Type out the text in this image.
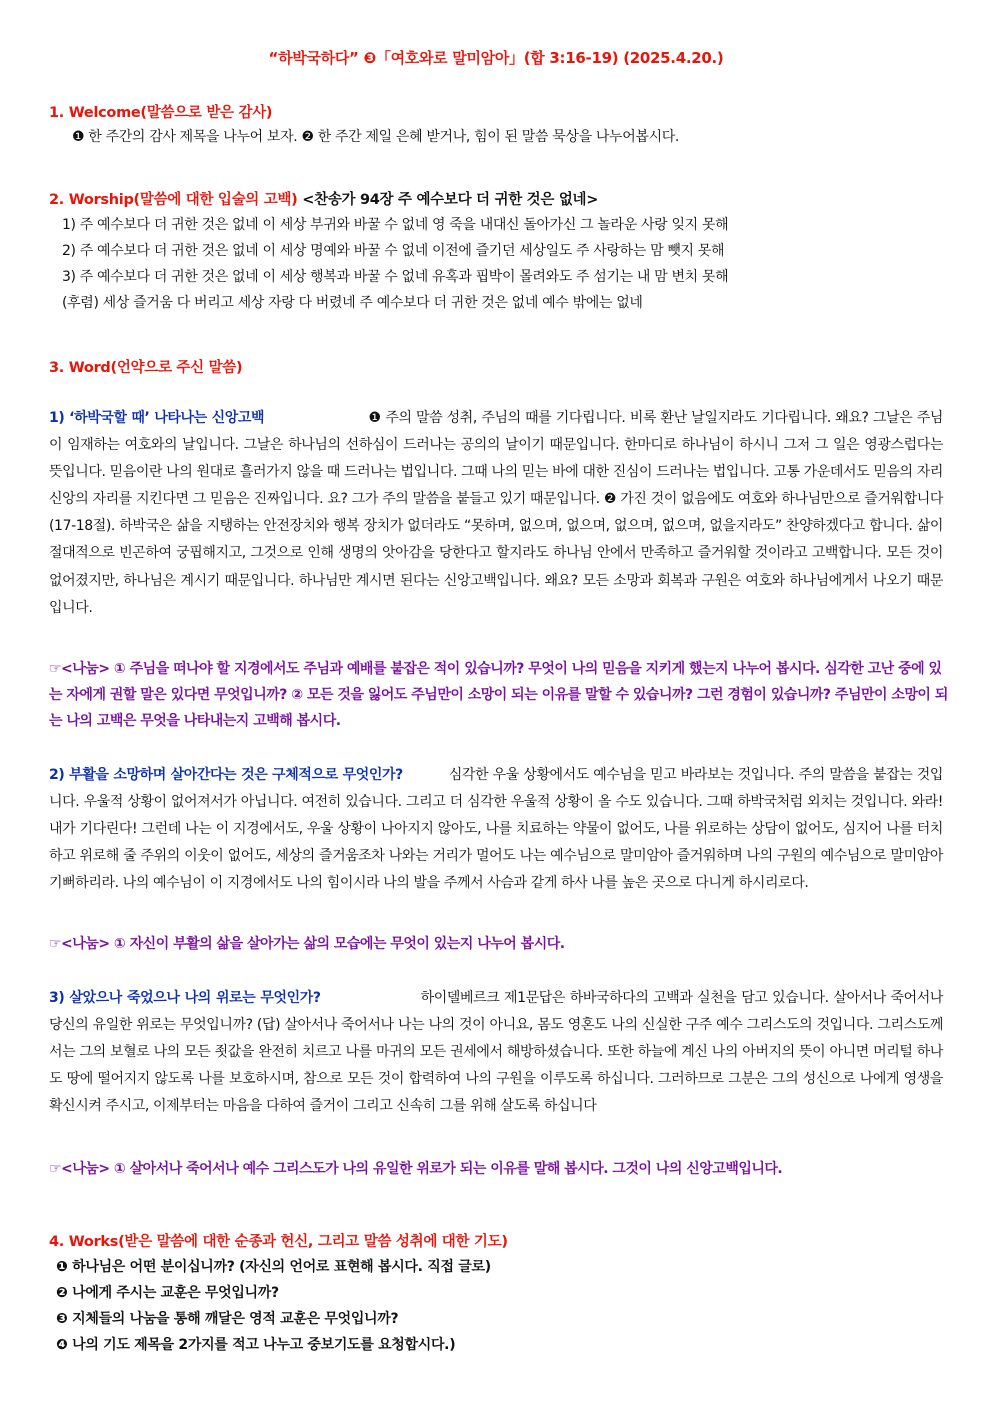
“하박국하다” ❸「여호와로 말미암아」(합 3:16-19) (2025.4.20.)
1. Welcome(말씀으로 받은 감사)
❶ 한 주간의 감사 제목을 나누어 보자. ❷ 한 주간 제일 은혜 받거나, 힘이 된 말씀 묵상을 나누어봅시다.
2. Worship(말씀에 대한 입술의 고백) <찬송가 94장 주 예수보다 더 귀한 것은 없네>
1) 주 예수보다 더 귀한 것은 없네 이 세상 부귀와 바꿀 수 없네 영 죽을 내대신 돌아가신 그 놀라운 사랑 잊지 못해
2) 주 예수보다 더 귀한 것은 없네 이 세상 명예와 바꿀 수 없네 이전에 즐기던 세상일도 주 사랑하는 맘 뺏지 못해
3) 주 예수보다 더 귀한 것은 없네 이 세상 행복과 바꿀 수 없네 유혹과 핍박이 몰려와도 주 섬기는 내 맘 변치 못해
(후렴) 세상 즐거움 다 버리고 세상 자랑 다 버렸네 주 예수보다 더 귀한 것은 없네 예수 밖에는 없네
3. Word(언약으로 주신 말씀)

1) ‘하박국할 때’ 나타나는 신앙고백	❶ 주의 말씀 성취, 주님의 때를 기다립니다. 비록 환난 날일지라도 기다립니다. 왜요? 그날은 주님이 임재하는 여호와의 날입니다. 그날은 하나님의 선하심이 드러나는 공의의 날이기 때문입니다. 한마디로 하나님이 하시니 그저 그 일은 영광스럽다는 뜻입니다. 믿음이란 나의 원대로 흘러가지 않을 때 드러나는 법입니다. 그때 나의 믿는 바에 대한 진심이 드러나는 법입니다. 고통 가운데서도 믿음의 자리 신앙의 자리를 지킨다면 그 믿음은 진짜입니다. 요? 그가 주의 말씀을 붙들고 있기 때문입니다. ❷ 가진 것이 없음에도 여호와 하나님만으로 즐거워합니다(17-18절). 하박국은 삶을 지탱하는 안전장치와 행복 장치가 없더라도 “못하며, 없으며, 없으며, 없으며, 없으며, 없을지라도” 찬양하겠다고 합니다. 삶이 절대적으로 빈곤하여 궁핍해지고, 그것으로 인해 생명의 앗아감을 당한다고 할지라도 하나님 안에서 만족하고 즐거워할 것이라고 고백합니다. 모든 것이 없어졌지만, 하나님은 계시기 때문입니다. 하나님만 계시면 된다는 신앙고백입니다. 왜요? 모든 소망과 회복과 구원은 여호와 하나님에게서 나오기 때문입니다.

☞<나눔> ① 주님을 떠나야 할 지경에서도 주님과 예배를 붙잡은 적이 있습니까? 무엇이 나의 믿음을 지키게 했는지 나누어 봅시다. 심각한 고난 중에 있는 자에게 권할 말은 있다면 무엇입니까? ② 모든 것을 잃어도 주님만이 소망이 되는 이유를 말할 수 있습니까? 그런 경험이 있습니까? 주님만이 소망이 되는 나의 고백은 무엇을 나타내는지 고백해 봅시다.

2) 부활을 소망하며 살아간다는 것은 구체적으로 무엇인가?	심각한 우울 상황에서도 예수님을 믿고 바라보는 것입니다. 주의 말씀을 붙잡는 것입니다. 우울적 상황이 없어져서가 아닙니다. 여전히 있습니다. 그리고 더 심각한 우울적 상황이 올 수도 있습니다. 그때 하박국처럼 외치는 것입니다. 와라! 내가 기다린다! 그런데 나는 이 지경에서도, 우울 상황이 나아지지 않아도, 나를 치료하는 약물이 없어도, 나를 위로하는 상담이 없어도, 심지어 나를 터치하고 위로해 줄 주위의 이웃이 없어도, 세상의 즐거움조차 나와는 거리가 멀어도 나는 예수님으로 말미암아 즐거워하며 나의 구원의 예수님으로 말미암아 기뻐하리라. 나의 예수님이 이 지경에서도 나의 힘이시라 나의 발을 주께서 사슴과 같게 하사 나를 높은 곳으로 다니게 하시리로다.

☞<나눔> ① 자신이 부활의 삶을 살아가는 삶의 모습에는 무엇이 있는지 나누어 봅시다.

3) 살았으나 죽었으나 나의 위로는 무엇인가?	하이델베르크 제1문답은 하바국하다의 고백과 실천을 담고 있습니다. 살아서나 죽어서나 당신의 유일한 위로는 무엇입니까? (답) 살아서나 죽어서나 나는 나의 것이 아니요, 몸도 영혼도 나의 신실한 구주 예수 그리스도의 것입니다. 그리스도께서는 그의 보혈로 나의 모든 죗값을 완전히 치르고 나를 마귀의 모든 권세에서 해방하셨습니다. 또한 하늘에 계신 나의 아버지의 뜻이 아니면 머리털 하나도 땅에 떨어지지 않도록 나를 보호하시며, 참으로 모든 것이 합력하여 나의 구원을 이루도록 하십니다. 그러하므로 그분은 그의 성신으로 나에게 영생을 확신시켜 주시고, 이제부터는 마음을 다하여 즐거이 그리고 신속히 그를 위해 살도록 하십니다

☞<나눔> ① 살아서나 죽어서나 예수 그리스도가 나의 유일한 위로가 되는 이유를 말해 봅시다. 그것이 나의 신앙고백입니다.

4. Works(받은 말씀에 대한 순종과 헌신, 그리고 말씀 성취에 대한 기도)
❶ 하나님은 어떤 분이십니까? (자신의 언어로 표현해 봅시다. 직접 글로)
❷ 나에게 주시는 교훈은 무엇입니까?
❸ 지체들의 나눔을 통해 깨달은 영적 교훈은 무엇입니까?
❹ 나의 기도 제목을 2가지를 적고 나누고 중보기도를 요청합시다.)
